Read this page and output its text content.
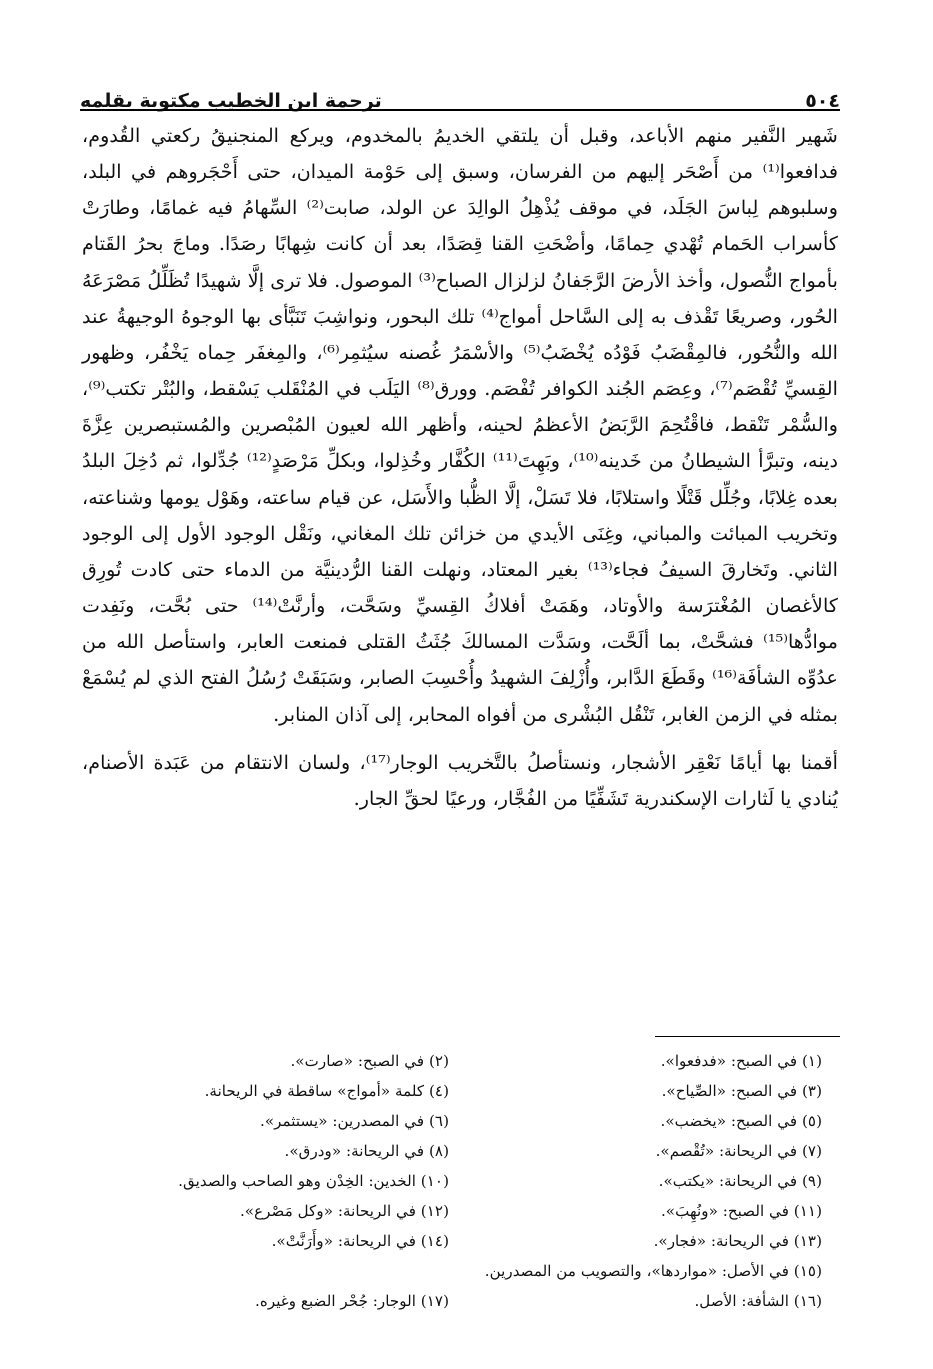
٥٠٤
ترجمة ابن الخطيب مكتوبة بقلمه

شَهير النَّفير منهم الأباعد، وقبل أن يلتقي الخديمُ بالمخدوم، ويركع المنجنيقُ ركعتي القُدوم، فدافعوا⁽¹⁾ من أَصْحَر إليهم من الفرسان، وسبق إلى حَوْمة الميدان، حتى أَحْجَروهم في البلد، وسلبوهم لِباسَ الجَلَد، في موقف يُذْهِلُ الوالِدَ عن الولد، صابت⁽²⁾ السِّهامُ فيه غمامًا، وطارَتْ كأسراب الحَمام تُهْدي حِمامًا، وأضْحَتِ القنا قِصَدًا، بعد أن كانت شِهابًا رصَدًا. وماجَ بحرُ القَتام بأمواج النُّصول، وأخذ الأرضَ الرَّجَفانُ لزلزال الصباح⁽³⁾ الموصول. فلا ترى إلَّا شهيدًا تُظَلِّلُ مَصْرَعَهُ الحُور، وصريعًا تَقْذف به إلى السَّاحل أمواج⁽⁴⁾ تلك البحور، ونواشِبَ تَنَبَّأى بها الوجوهُ الوجيهةُ عند الله والنُّحُور، فالمِقْضَبُ فَوْدُه يُخْضَبُ⁽⁵⁾ والأسْمَرُ غُصنه سيُثمِر⁽⁶⁾، والمِغفَر حِماه يَخْفُر، وظهور القِسيِّ تُقْصَم⁽⁷⁾، وعِصَم الجُند الكوافر تُفْصَم. وورق⁽⁸⁾ اليَلَب في المُنْقَلب يَسْقط، والبُتْر تكتب⁽⁹⁾، والسُّمْر تَنْقط، فاقْتُحِمَ الرَّبَضُ الأعظمُ لحينه، وأظهر الله لعيون المُبْصرين والمُستبصرين عِزَّةَ دينه، وتبرَّأ الشيطانُ من خَدينه⁽¹⁰⁾، وبَهِتَ⁽¹¹⁾ الكُفَّار وخُذِلوا، وبكلِّ مَرْصَدٍ⁽¹²⁾ جُدِّلوا، ثم دُخِلَ البلدُ بعده غِلابًا، وجُلِّل قَتْلًا واستلابًا، فلا تَسَلْ، إلَّا الظُّبا والأَسَل، عن قيام ساعته، وهَوْل يومها وشناعته، وتخريب المبائت والمباني، وغِنَى الأيدي من خزائن تلك المغاني، ونَقْل الوجود الأول إلى الوجود الثاني. وتَخارقَ السيفُ فجاء⁽¹³⁾ بغير المعتاد، ونهلت القنا الرُّدينيَّة من الدماء حتى كادت تُورِق كالأغصان المُغْترَسة والأوتاد، وهَمَتْ أفلاكُ القِسيِّ وسَحَّت، وأرنَّتْ⁽¹⁴⁾ حتى بُحَّت، ونَفِدت موادُّها⁽¹⁵⁾ فشحَّتْ، بما ألَحَّت، وسَدَّت المسالكَ جُثَثُ القتلى فمنعت العابر، واستأصل الله من عدُوِّه الشأفَة⁽¹⁶⁾ وقَطَعَ الدَّابر، وأُزْلِفَ الشهيدُ وأُحْسِبَ الصابر، وسَبَقَتْ رُسُلُ الفتح الذي لم يُسْمَعْ بمثله في الزمن الغابر، تَنْقُل البُشْرى من أفواه المحابر، إلى آذان المنابر.

أقمنا بها أيامًا نَعْقِر الأشجار، ونستأصلُ بالتَّخريب الوجار⁽¹⁷⁾، ولسان الانتقام من عَبَدة الأصنام، يُنادي يا لَثارات الإسكندرية تَشَفِّيًا من الفُجَّار، ورعيًا لحقِّ الجار.

(١) في الصبح: «فدفعوا».
(٢) في الصبح: «صارت».
(٣) في الصبح: «الصِّياح».
(٤) كلمة «أمواج» ساقطة في الريحانة.
(٥) في الصبح: «يخضب».
(٦) في المصدرين: «يستثمر».
(٧) في الريحانة: «تُقْصم».
(٨) في الريحانة: «ودرق».
(٩) في الريحانة: «يكتب».
(١٠) الخدين: الخِدْن وهو الصاحب والصديق.
(١١) في الصبح: «ونُهِبَ».
(١٢) في الريحانة: «وكل مَصْرع».
(١٣) في الريحانة: «فجار».
(١٤) في الريحانة: «وأَرَنَّتْ».
(١٥) في الأصل: «مواردها»، والتصويب من المصدرين.
(١٦) الشأفة: الأصل.
(١٧) الوجار: جُحْر الضبع وغيره.
